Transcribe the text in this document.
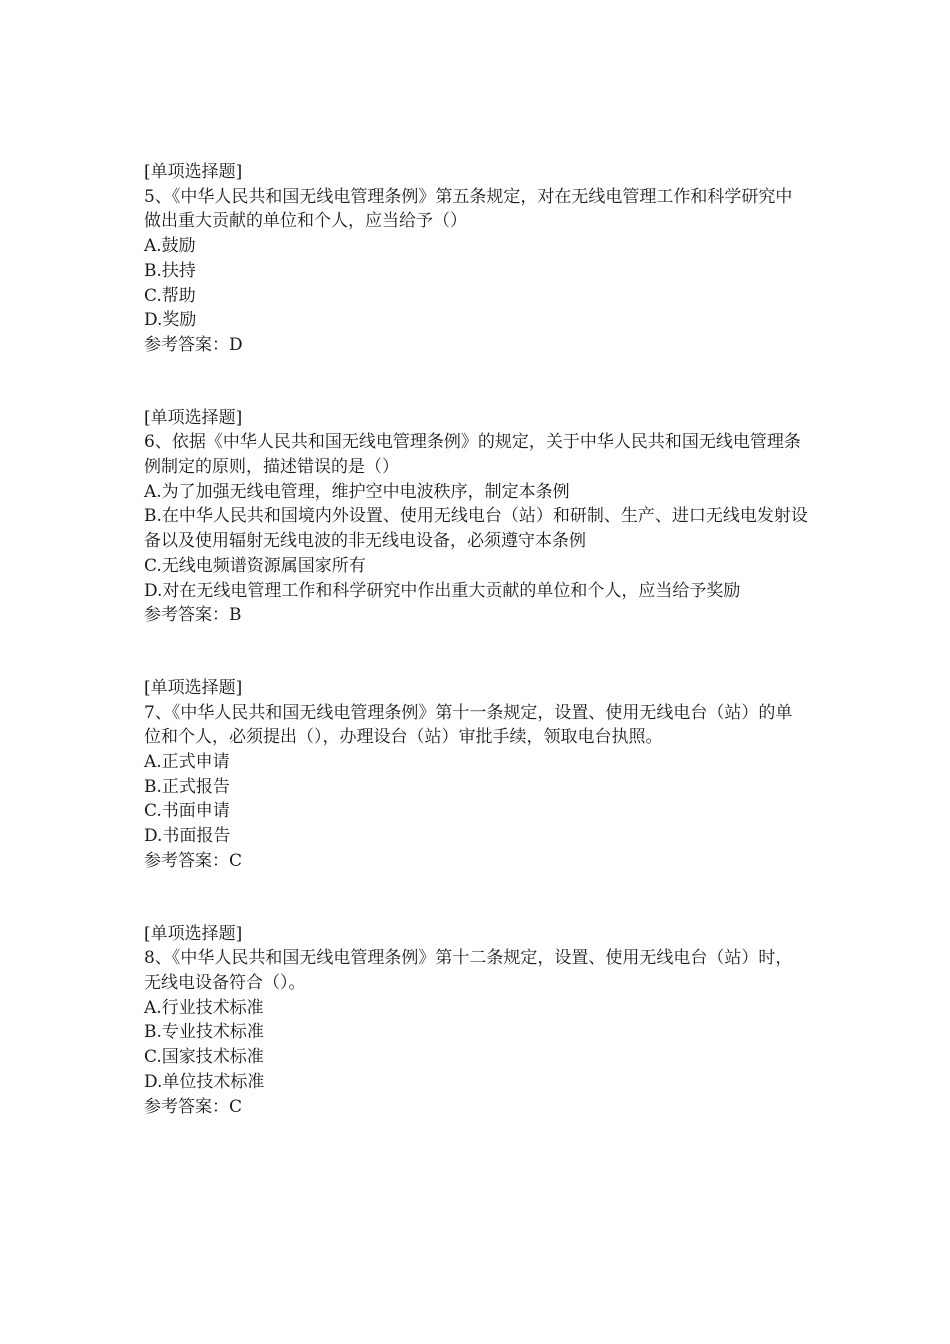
[单项选择题]
5、《中华人民共和国无线电管理条例》第五条规定，对在无线电管理工作和科学研究中做出重大贡献的单位和个人，应当给予（）
A.鼓励
B.扶持
C.帮助
D.奖励
参考答案：D
[单项选择题]
6、依据《中华人民共和国无线电管理条例》的规定，关于中华人民共和国无线电管理条例制定的原则，描述错误的是（）
A.为了加强无线电管理，维护空中电波秩序，制定本条例
B.在中华人民共和国境内外设置、使用无线电台（站）和研制、生产、进口无线电发射设备以及使用辐射无线电波的非无线电设备，必须遵守本条例
C.无线电频谱资源属国家所有
D.对在无线电管理工作和科学研究中作出重大贡献的单位和个人，应当给予奖励
参考答案：B
[单项选择题]
7、《中华人民共和国无线电管理条例》第十一条规定，设置、使用无线电台（站）的单位和个人，必须提出（），办理设台（站）审批手续，领取电台执照。
A.正式申请
B.正式报告
C.书面申请
D.书面报告
参考答案：C
[单项选择题]
8、《中华人民共和国无线电管理条例》第十二条规定，设置、使用无线电台（站）时，无线电设备符合（）。
A.行业技术标准
B.专业技术标准
C.国家技术标准
D.单位技术标准
参考答案：C
